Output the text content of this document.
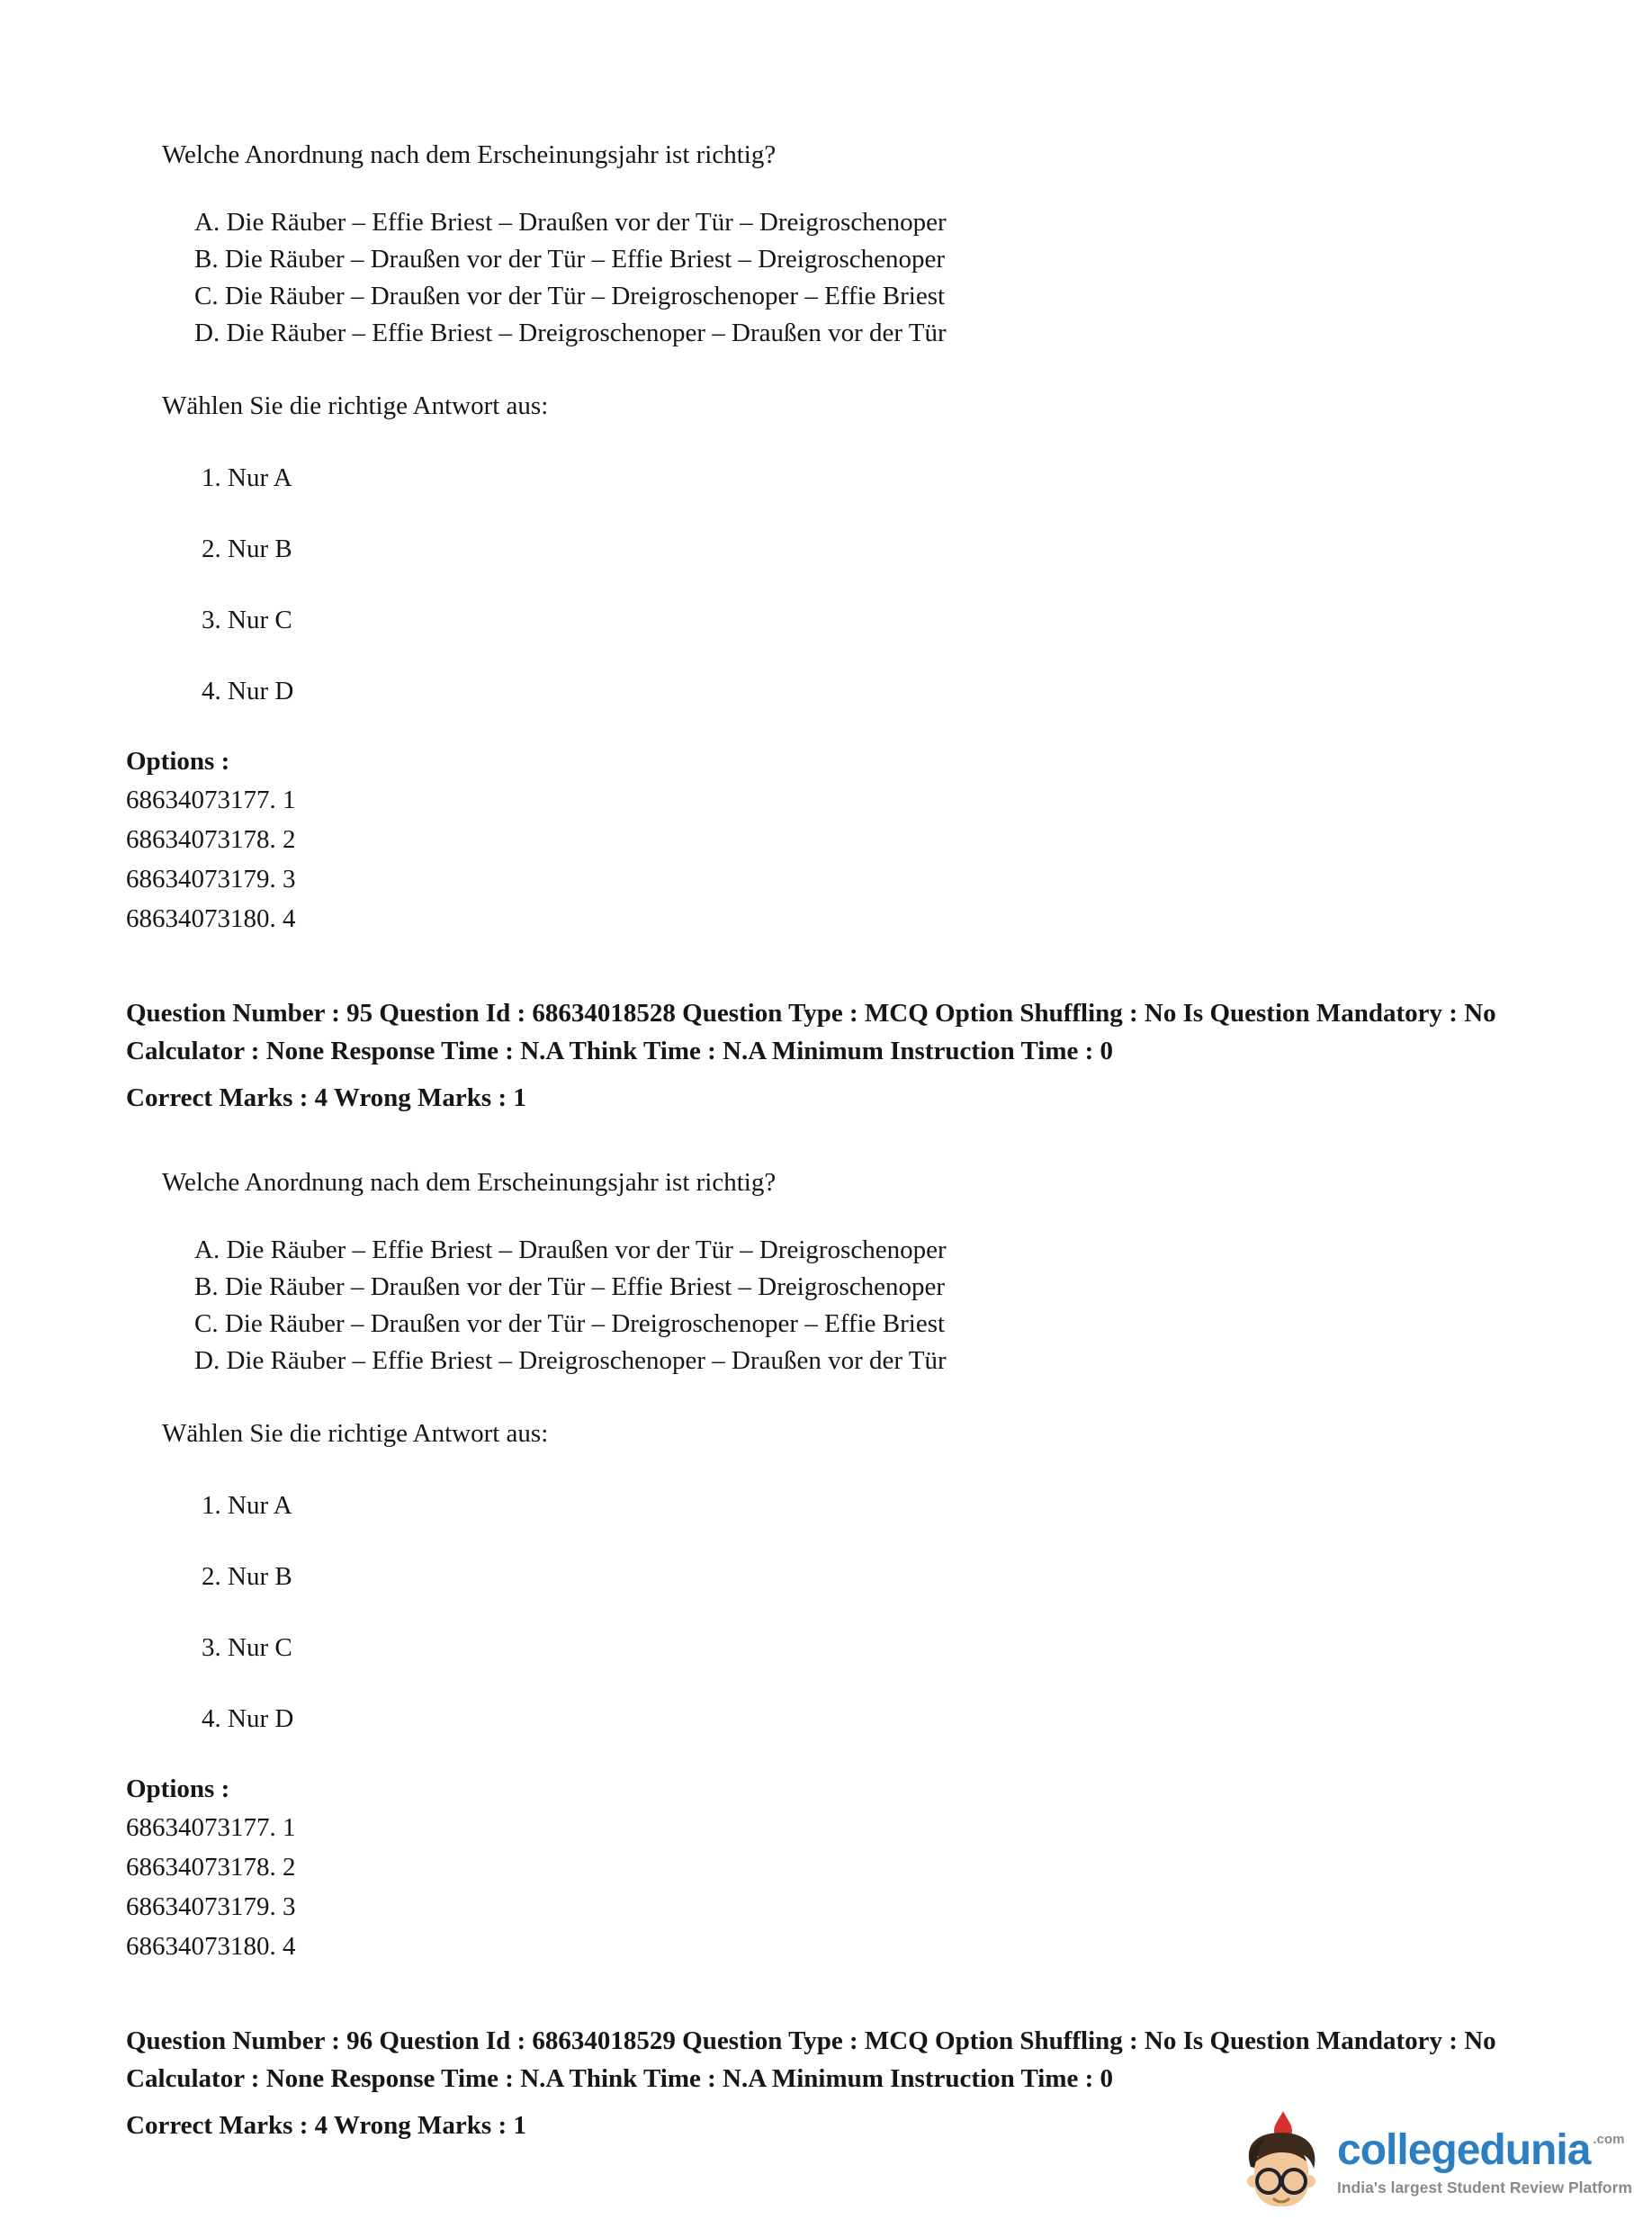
Welche Anordnung nach dem Erscheinungsjahr ist richtig?
A. Die Räuber – Effie Briest – Draußen vor der Tür – Dreigroschenoper
B. Die Räuber – Draußen vor der Tür – Effie Briest – Dreigroschenoper
C. Die Räuber – Draußen vor der Tür – Dreigroschenoper – Effie Briest
D. Die Räuber – Effie Briest – Dreigroschenoper – Draußen vor der Tür
Wählen Sie die richtige Antwort aus:
1. Nur A
2. Nur B
3. Nur C
4. Nur D
Options :
68634073177. 1
68634073178. 2
68634073179. 3
68634073180. 4
Question Number : 95 Question Id : 68634018528 Question Type : MCQ Option Shuffling : No Is Question Mandatory : No Calculator : None Response Time : N.A Think Time : N.A Minimum Instruction Time : 0
Correct Marks : 4 Wrong Marks : 1
Welche Anordnung nach dem Erscheinungsjahr ist richtig?
A. Die Räuber – Effie Briest – Draußen vor der Tür – Dreigroschenoper
B. Die Räuber – Draußen vor der Tür – Effie Briest – Dreigroschenoper
C. Die Räuber – Draußen vor der Tür – Dreigroschenoper – Effie Briest
D. Die Räuber – Effie Briest – Dreigroschenoper – Draußen vor der Tür
Wählen Sie die richtige Antwort aus:
1. Nur A
2. Nur B
3. Nur C
4. Nur D
Options :
68634073177. 1
68634073178. 2
68634073179. 3
68634073180. 4
Question Number : 96 Question Id : 68634018529 Question Type : MCQ Option Shuffling : No Is Question Mandatory : No Calculator : None Response Time : N.A Think Time : N.A Minimum Instruction Time : 0
Correct Marks : 4 Wrong Marks : 1
collegedunia .com
India's largest Student Review Platform
